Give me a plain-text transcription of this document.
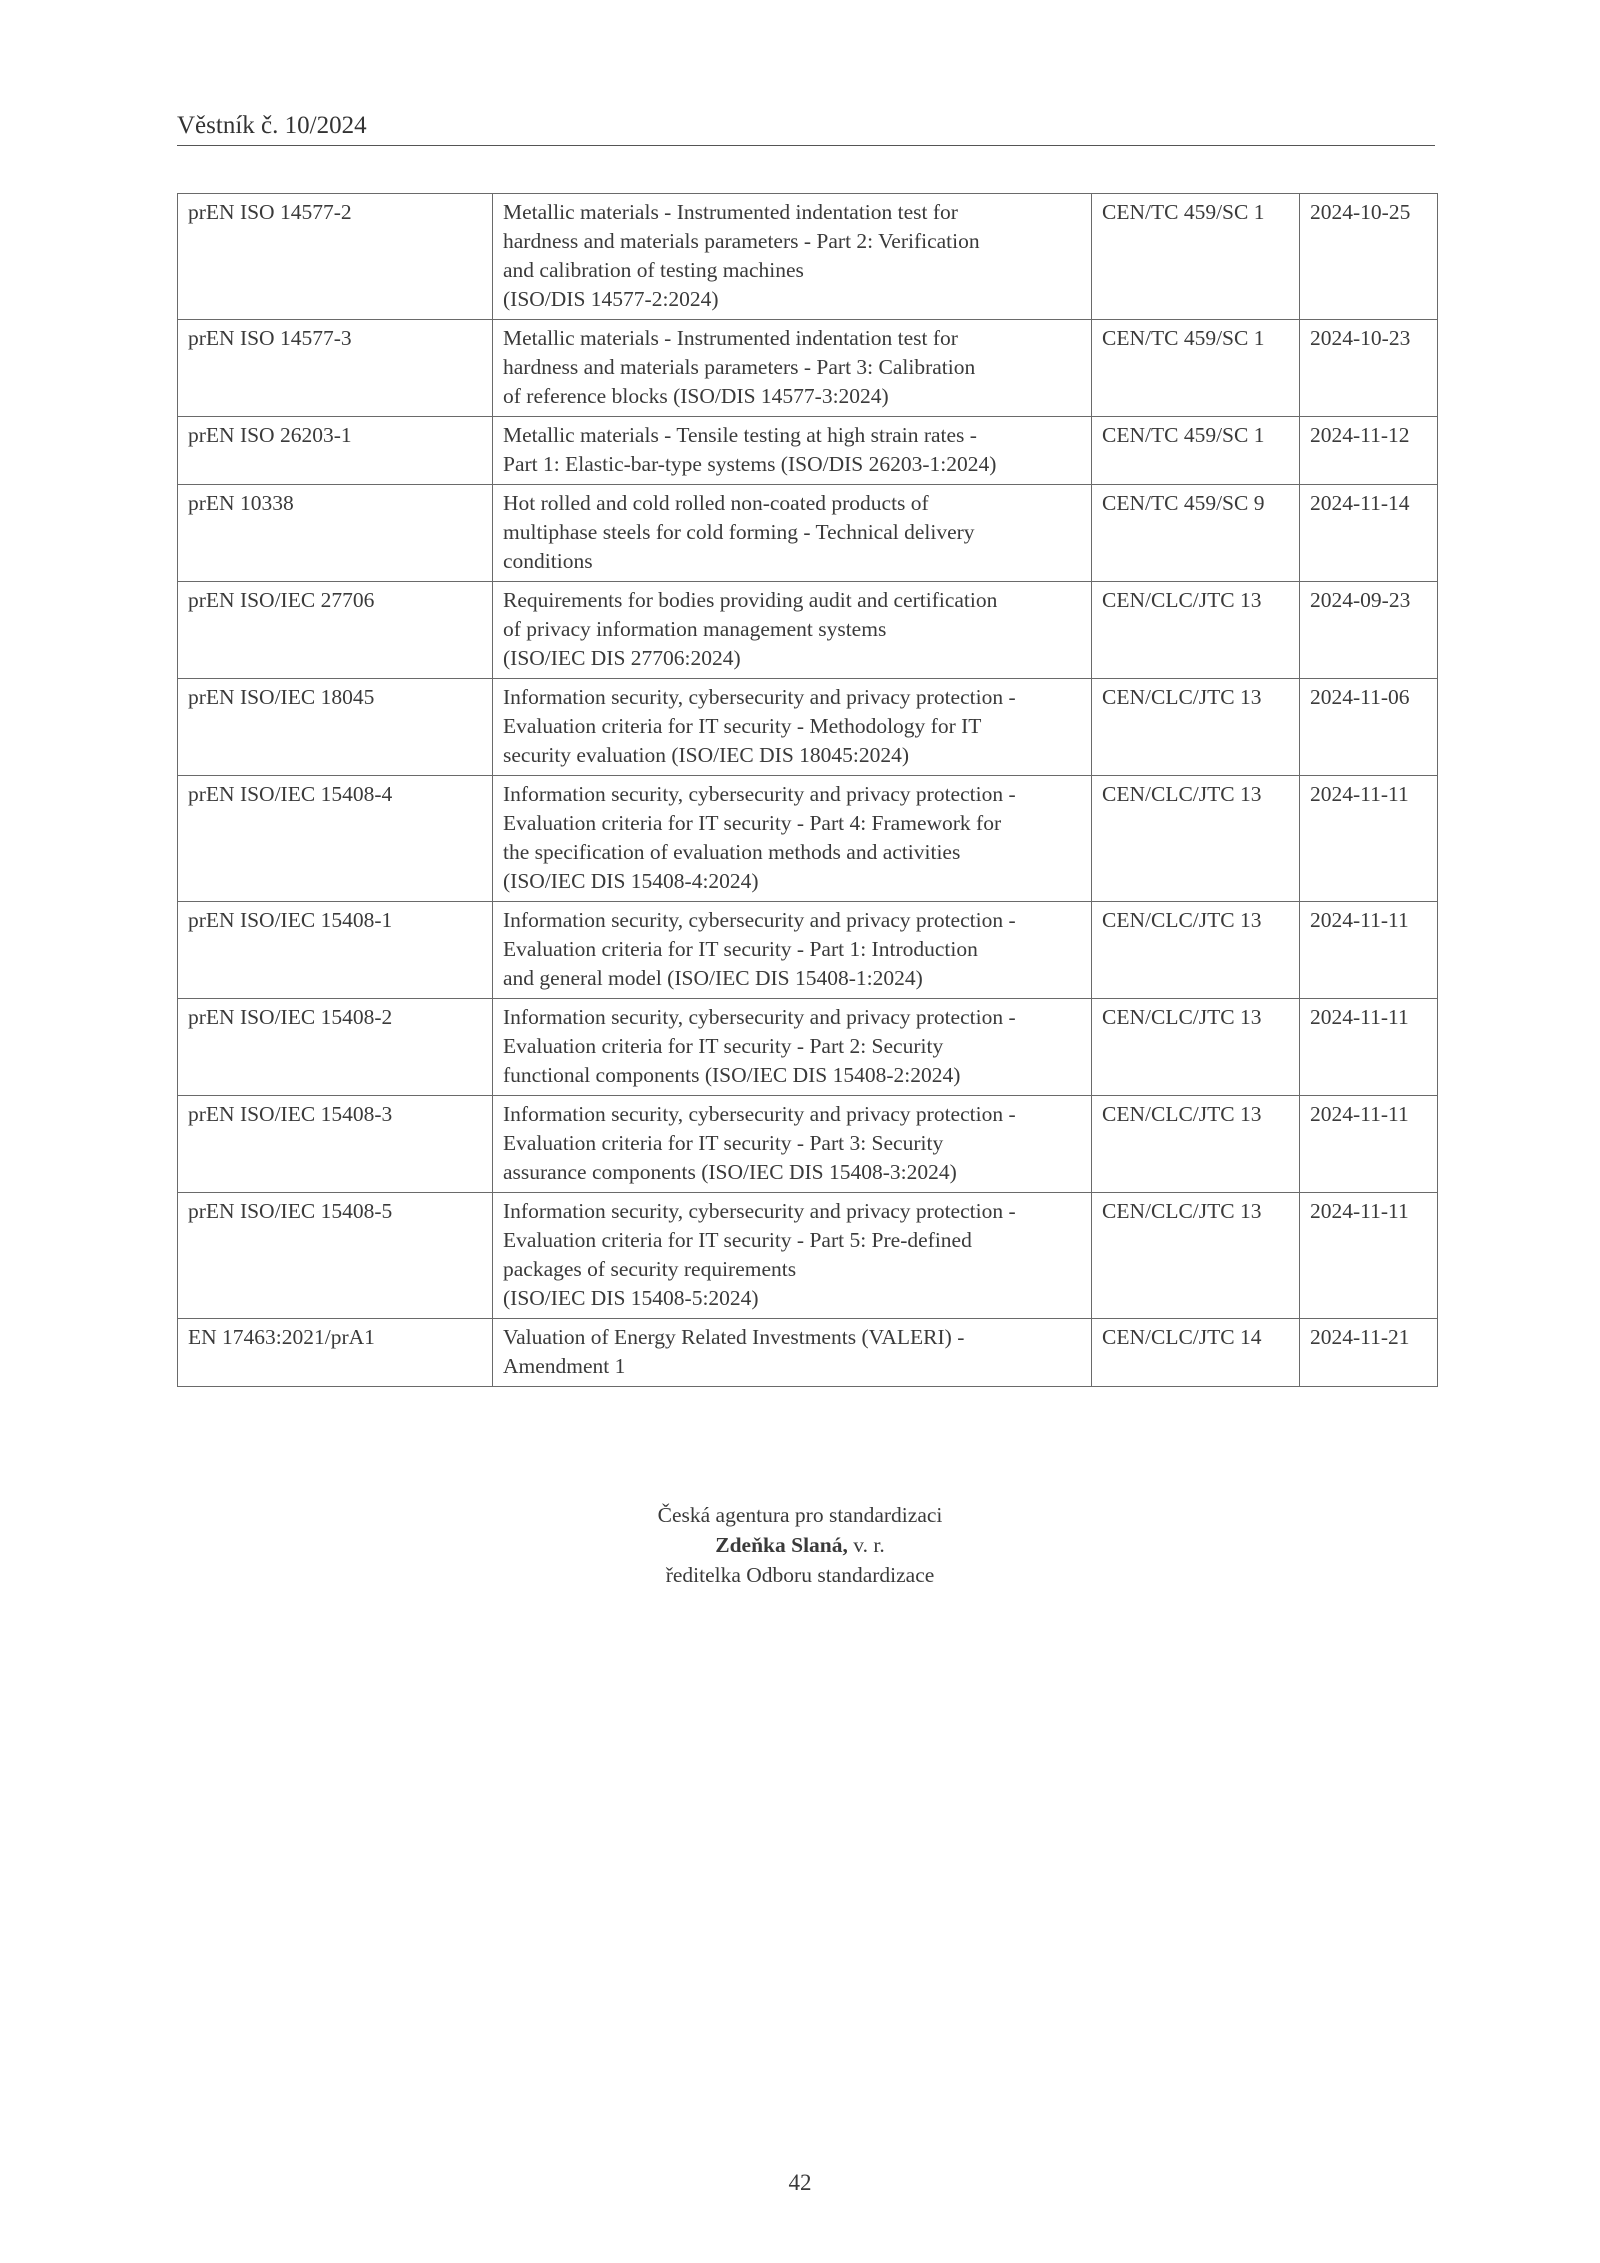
Věstník č. 10/2024
prEN ISO 14577-2	Metallic materials - Instrumented indentation test for
hardness and materials parameters - Part 2: Verification
and calibration of testing machines
(ISO/DIS 14577-2:2024)	CEN/TC 459/SC 1	2024-10-25
prEN ISO 14577-3	Metallic materials - Instrumented indentation test for
hardness and materials parameters - Part 3: Calibration
of reference blocks (ISO/DIS 14577-3:2024)	CEN/TC 459/SC 1	2024-10-23
prEN ISO 26203-1	Metallic materials - Tensile testing at high strain rates -
Part 1: Elastic-bar-type systems (ISO/DIS 26203-1:2024)	CEN/TC 459/SC 1	2024-11-12
prEN 10338	Hot rolled and cold rolled non-coated products of
multiphase steels for cold forming - Technical delivery
conditions	CEN/TC 459/SC 9	2024-11-14
prEN ISO/IEC 27706	Requirements for bodies providing audit and certification
of privacy information management systems
(ISO/IEC DIS 27706:2024)	CEN/CLC/JTC 13	2024-09-23
prEN ISO/IEC 18045	Information security, cybersecurity and privacy protection -
Evaluation criteria for IT security - Methodology for IT
security evaluation (ISO/IEC DIS 18045:2024)	CEN/CLC/JTC 13	2024-11-06
prEN ISO/IEC 15408-4	Information security, cybersecurity and privacy protection -
Evaluation criteria for IT security - Part 4: Framework for
the specification of evaluation methods and activities
(ISO/IEC DIS 15408-4:2024)	CEN/CLC/JTC 13	2024-11-11
prEN ISO/IEC 15408-1	Information security, cybersecurity and privacy protection -
Evaluation criteria for IT security - Part 1: Introduction
and general model (ISO/IEC DIS 15408-1:2024)	CEN/CLC/JTC 13	2024-11-11
prEN ISO/IEC 15408-2	Information security, cybersecurity and privacy protection -
Evaluation criteria for IT security - Part 2: Security
functional components (ISO/IEC DIS 15408-2:2024)	CEN/CLC/JTC 13	2024-11-11
prEN ISO/IEC 15408-3	Information security, cybersecurity and privacy protection -
Evaluation criteria for IT security - Part 3: Security
assurance components (ISO/IEC DIS 15408-3:2024)	CEN/CLC/JTC 13	2024-11-11
prEN ISO/IEC 15408-5	Information security, cybersecurity and privacy protection -
Evaluation criteria for IT security - Part 5: Pre-defined
packages of security requirements
(ISO/IEC DIS 15408-5:2024)	CEN/CLC/JTC 13	2024-11-11
EN 17463:2021/prA1	Valuation of Energy Related Investments (VALERI) -
Amendment 1	CEN/CLC/JTC 14	2024-11-21
Česká agentura pro standardizaci
Zdeňka Slaná, v. r.
ředitelka Odboru standardizace
42
